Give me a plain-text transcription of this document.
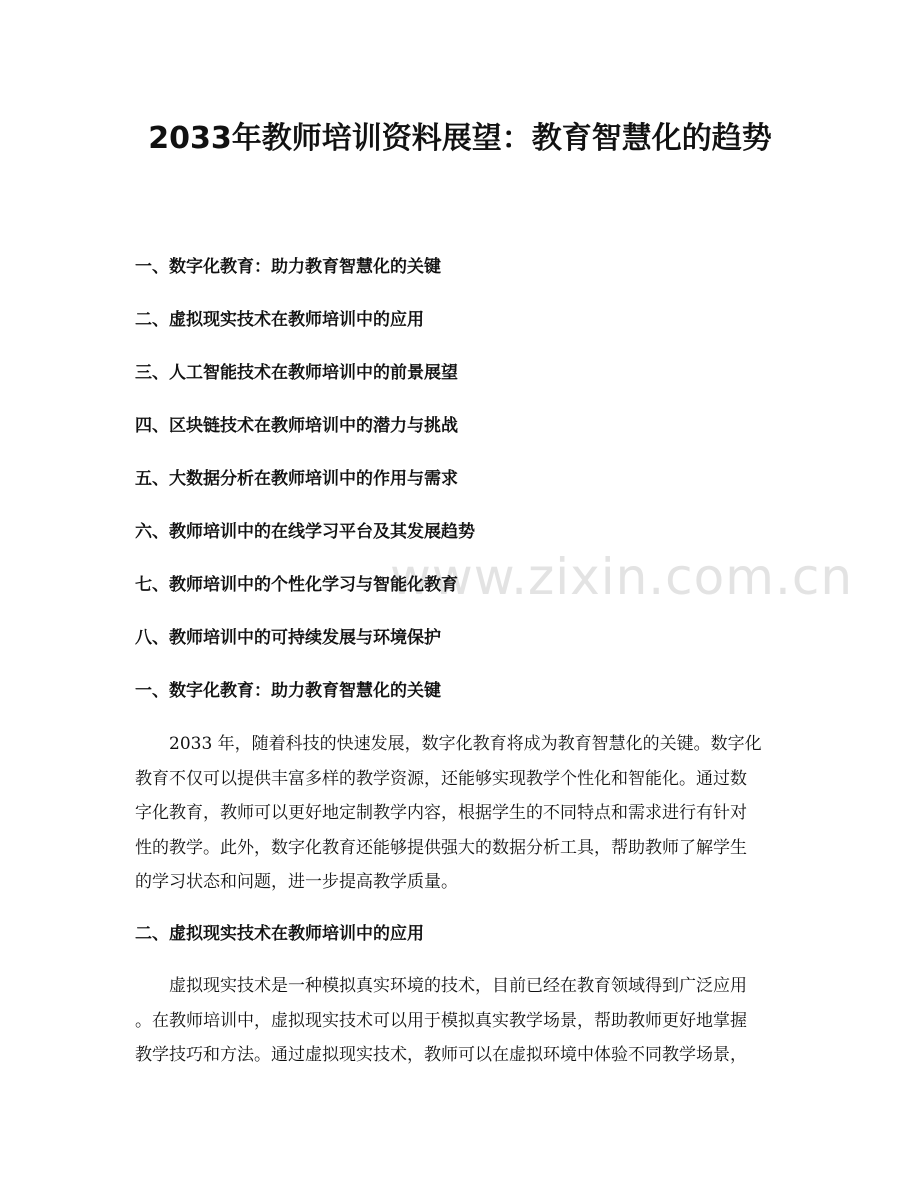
www.zixin.com.cn
2033年教师培训资料展望：教育智慧化的趋势
一、数字化教育：助力教育智慧化的关键
二、虚拟现实技术在教师培训中的应用
三、人工智能技术在教师培训中的前景展望
四、区块链技术在教师培训中的潜力与挑战
五、大数据分析在教师培训中的作用与需求
六、教师培训中的在线学习平台及其发展趋势
七、教师培训中的个性化学习与智能化教育
八、教师培训中的可持续发展与环境保护
一、数字化教育：助力教育智慧化的关键
2033 年，随着科技的快速发展，数字化教育将成为教育智慧化的关键。数字化
教育不仅可以提供丰富多样的教学资源，还能够实现教学个性化和智能化。通过数
字化教育，教师可以更好地定制教学内容，根据学生的不同特点和需求进行有针对
性的教学。此外，数字化教育还能够提供强大的数据分析工具，帮助教师了解学生
的学习状态和问题，进一步提高教学质量。
二、虚拟现实技术在教师培训中的应用
虚拟现实技术是一种模拟真实环境的技术，目前已经在教育领域得到广泛应用
。在教师培训中，虚拟现实技术可以用于模拟真实教学场景，帮助教师更好地掌握
教学技巧和方法。通过虚拟现实技术，教师可以在虚拟环境中体验不同教学场景，
